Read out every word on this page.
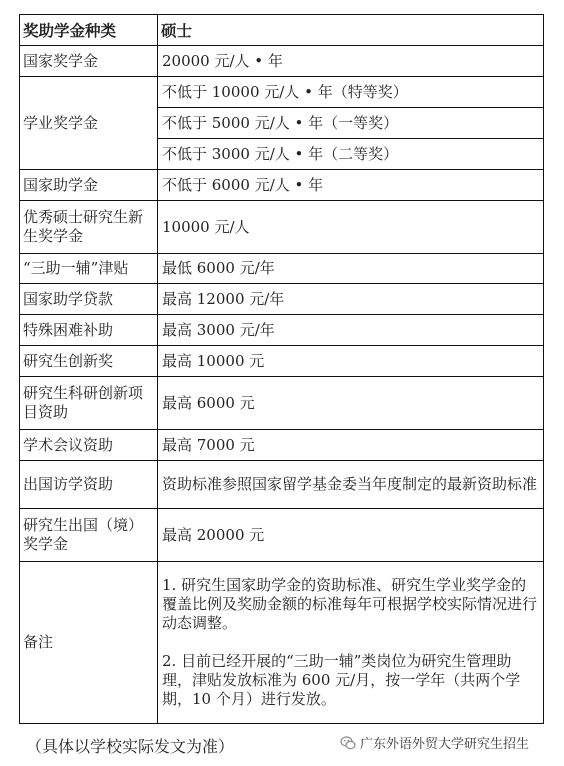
奖助学金种类	硕士
国家奖学金	20000 元/人 • 年
学业奖学金	不低于 10000 元/人 • 年（特等奖）
	不低于 5000 元/人 • 年（一等奖）
	不低于 3000 元/人 • 年（二等奖）
国家助学金	不低于 6000 元/人 • 年
优秀硕士研究生新生奖学金	10000 元/人
“三助一辅”津贴	最低 6000 元/年
国家助学贷款	最高 12000 元/年
特殊困难补助	最高 3000 元/年
研究生创新奖	最高 10000 元
研究生科研创新项目资助	最高 6000 元
学术会议资助	最高 7000 元
出国访学资助	资助标准参照国家留学基金委当年度制定的最新资助标准
研究生出国（境）奖学金	最高 20000 元
备注	1. 研究生国家助学金的资助标准、研究生学业奖学金的覆盖比例及奖励金额的标准每年可根据学校实际情况进行动态调整。

2. 目前已经开展的“三助一辅”类岗位为研究生管理助理，津贴发放标准为 600 元/月，按一学年（共两个学期，10 个月）进行发放。

（具体以学校实际发文为准）	广东外语外贸大学研究生招生
